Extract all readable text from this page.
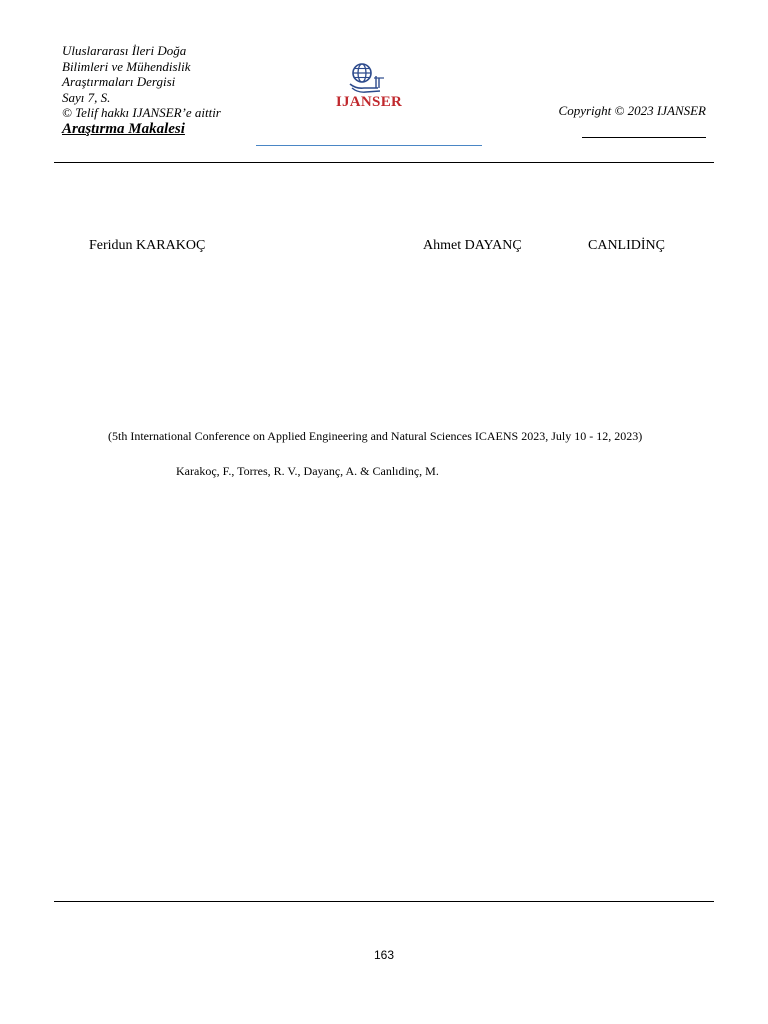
Uluslararası İleri Doğa
Bilimleri ve Mühendislik
Araştırmaları Dergisi
Sayı 7, S.
© Telif hakkı IJANSER’e aittir
Araştırma Makalesi
IJANSER
Copyright © 2023 IJANSER
Feridun KARAKOÇ	Ahmet DAYANÇ	CANLIDİNÇ
(5th International Conference on Applied Engineering and Natural Sciences ICAENS 2023, July 10 - 12, 2023)
Karakoç, F., Torres, R. V., Dayanç, A. & Canlıdinç, M.
163
